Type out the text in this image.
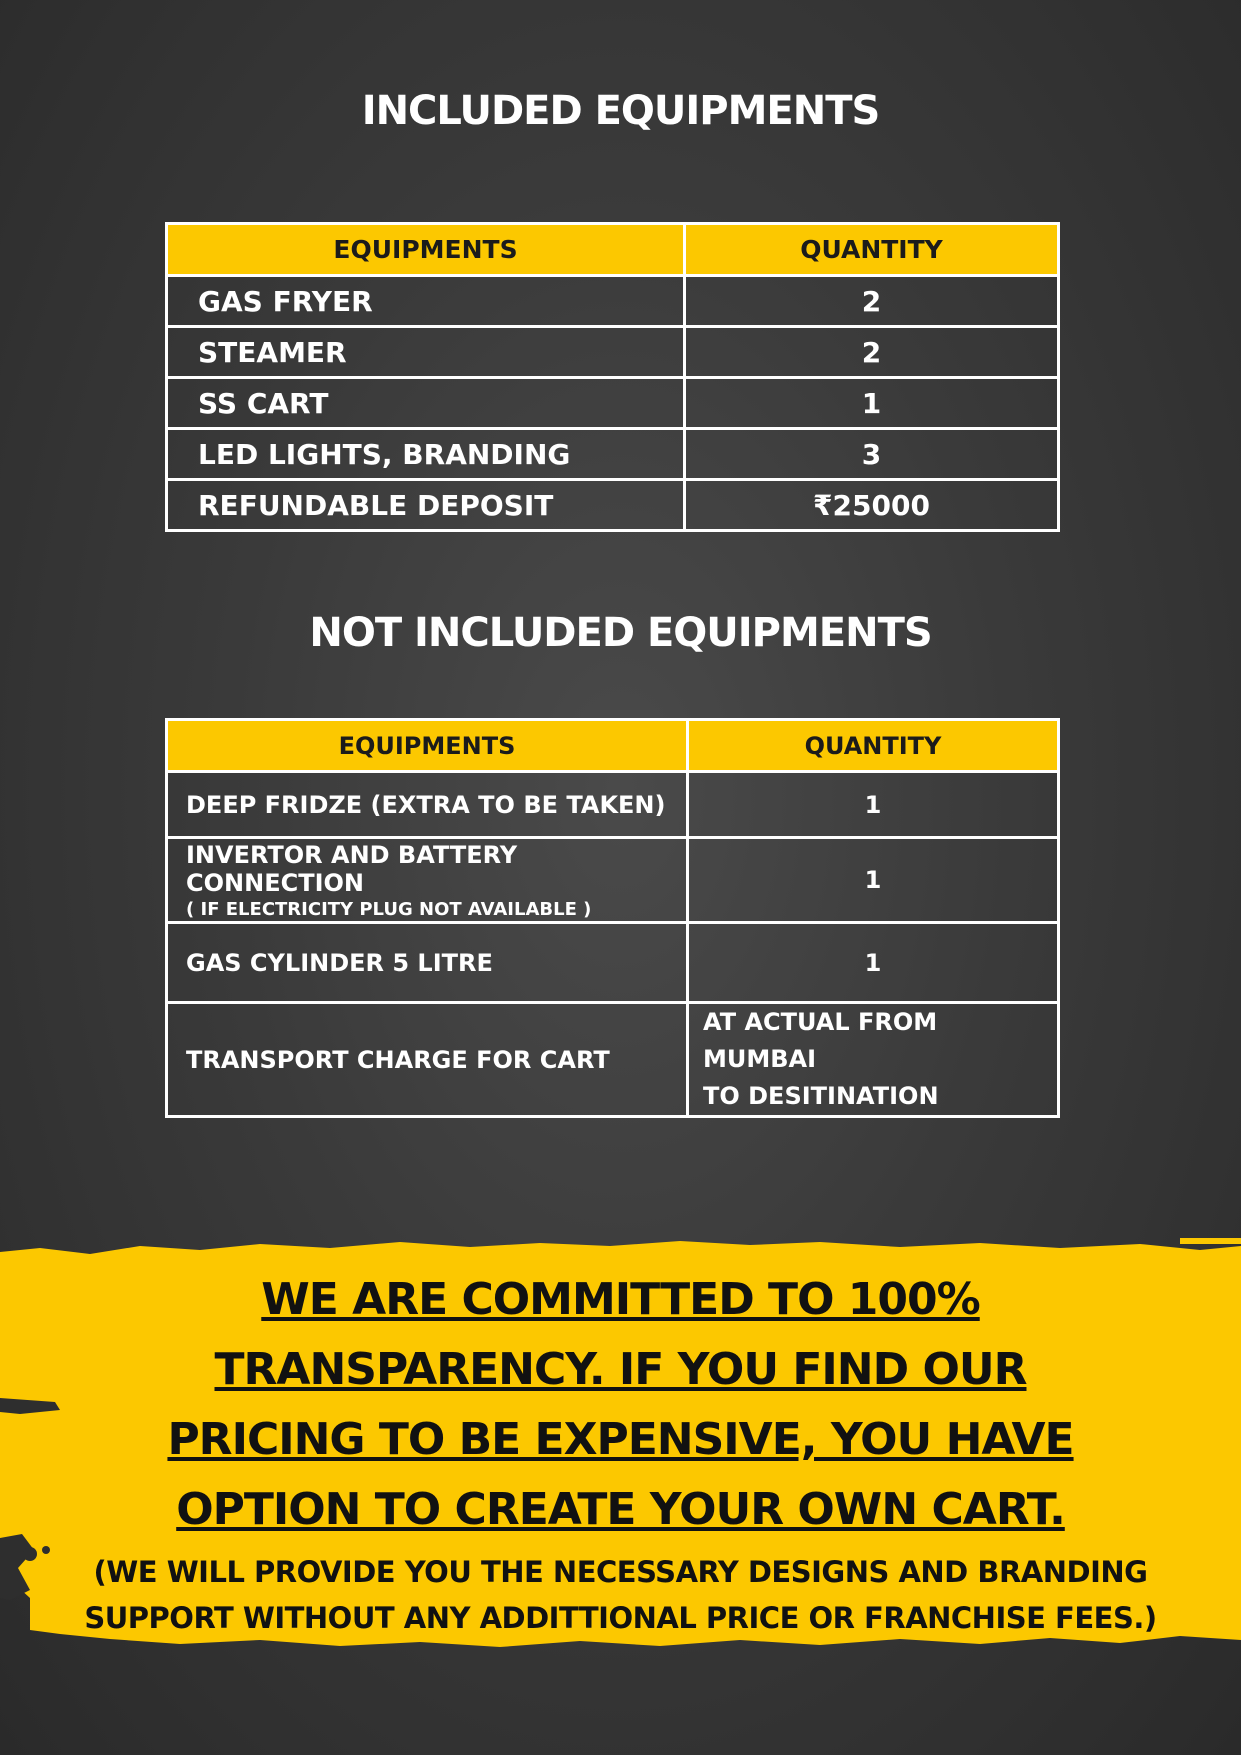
INCLUDED EQUIPMENTS
EQUIPMENTS	QUANTITY
GAS FRYER	2
STEAMER	2
SS CART	1
LED LIGHTS, BRANDING	3
REFUNDABLE DEPOSIT	₹25000
NOT INCLUDED EQUIPMENTS
EQUIPMENTS	QUANTITY
DEEP FRIDZE (EXTRA TO BE TAKEN)	1
INVERTOR AND BATTERY CONNECTION
( IF ELECTRICITY PLUG NOT AVAILABLE )	1
GAS CYLINDER 5 LITRE	1
TRANSPORT CHARGE FOR CART	AT ACTUAL FROM MUMBAI
TO DESITINATION
WE ARE COMMITTED TO 100%
TRANSPARENCY. IF YOU FIND OUR
PRICING TO BE EXPENSIVE, YOU HAVE
OPTION TO CREATE YOUR OWN CART.
(WE WILL PROVIDE YOU THE NECESSARY DESIGNS AND BRANDING
SUPPORT WITHOUT ANY ADDITTIONAL PRICE OR FRANCHISE FEES.)
